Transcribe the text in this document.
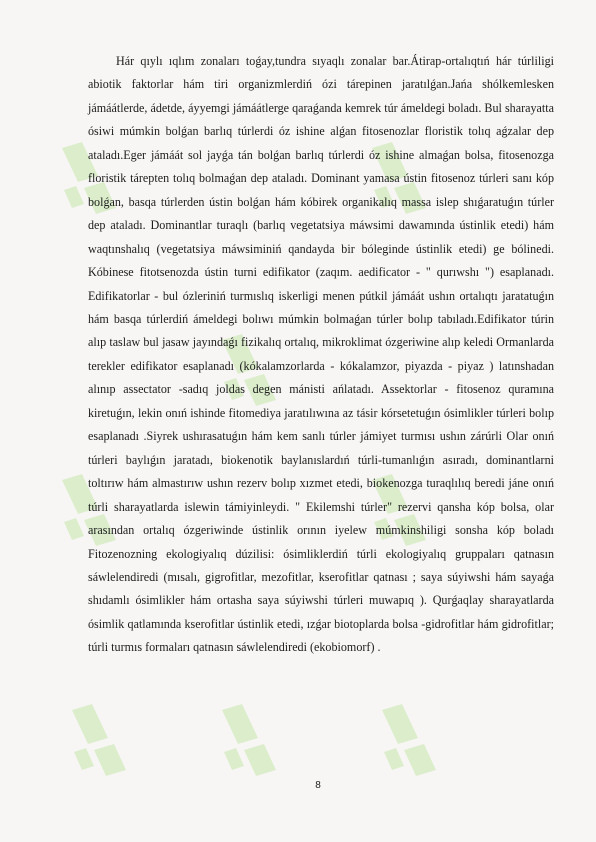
Hár qıylı ıqlım zonaları toǵay,tundra sıyaqlı zonalar bar.Átirap-ortalıqtıń hár túrliligi abiotik faktorlar hám tiri organizmlerdiń ózi tárepinen jaratılǵan.Jańa shólkemlesken jámáátlerde, ádetde, áyyemgi jámáátlerge qaraǵanda kemrek túr ámeldegi boladı. Bul sharayatta ósiwi múmkin bolǵan barlıq túrlerdi óz ishine alǵan fitosenozlar floristik tolıq aǵzalar dep ataladı.Eger jámáát sol jayǵa tán bolǵan barlıq túrlerdi óz ishine almaǵan bolsa, fitosenozga floristik tárepten tolıq bolmaǵan dep ataladı. Dominant yamasa ústin fitosenoz túrleri sanı kóp bolǵan, basqa túrlerden ústin bolǵan hám kóbirek organikalıq massa islep shıǵaratuǵın túrler dep ataladı. Dominantlar turaqlı (barlıq vegetatsiya máwsimi dawamında ústinlik etedi) hám waqtınshalıq (vegetatsiya máwsiminiń qandayda bir bóleginde ústinlik etedi) ge bólinedi. Kóbinese fitotsenozda ústin turni edifikator (zaqım. aedificator - " qurıwshı ") esaplanadı. Edifikatorlar - bul ózleriniń turmıslıq iskerligi menen pútkil jámáát ushın ortalıqtı jaratatuǵın hám basqa túrlerdiń ámeldegi bolıwı múmkin bolmaǵan túrler bolıp tabıladı.Edifikator túrin alıp taslaw bul jasaw jayındaǵı fizikalıq ortalıq, mikroklimat ózgeriwine alıp keledi Ormanlarda terekler edifikator esaplanadı (kókalamzorlarda - kókalamzor, piyazda - piyaz ) latınshadan alınıp assectator -sadıq joldas degen mánisti ańlatadı. Assektorlar - fitosenoz quramına kiretuǵın, lekin onıń ishinde fitomediya jaratılıwına az tásir kórsetetuǵın ósimlikler túrleri bolıp esaplanadı .Siyrek ushırasatuǵın hám kem sanlı túrler jámiyet turmısı ushın zárúrli Olar onıń túrleri baylıǵın jaratadı, biokenotik baylanıslardıń túrli-tumanlıǵın asıradı, dominantlarni toltırıw hám almastırıw ushın rezerv bolıp xızmet etedi, biokenozga turaqlılıq beredi jáne onıń túrli sharayatlarda islewin támiyinleydi. " Ekilemshi túrler" rezervi qansha kóp bolsa, olar arasından ortalıq ózgeriwinde ústinlik orının iyelew múmkinshiligi sonsha kóp boladı Fitozenozning ekologiyalıq dúzilisi: ósimliklerdiń túrli ekologiyalıq gruppaları qatnasın sáwlelendiredi (mısalı, gigrofitlar, mezofitlar, kserofitlar qatnası ; saya súyiwshi hám sayaǵa shıdamlı ósimlikler hám ortasha saya súyiwshi túrleri muwapıq ). Qurǵaqlay sharayatlarda ósimlik qatlamında kserofitlar ústinlik etedi, ızǵar biotoplarda bolsa -gidrofitlar hám gidrofitlar; túrli turmıs formaları qatnasın sáwlelendiredi (ekobiomorf) .

8
